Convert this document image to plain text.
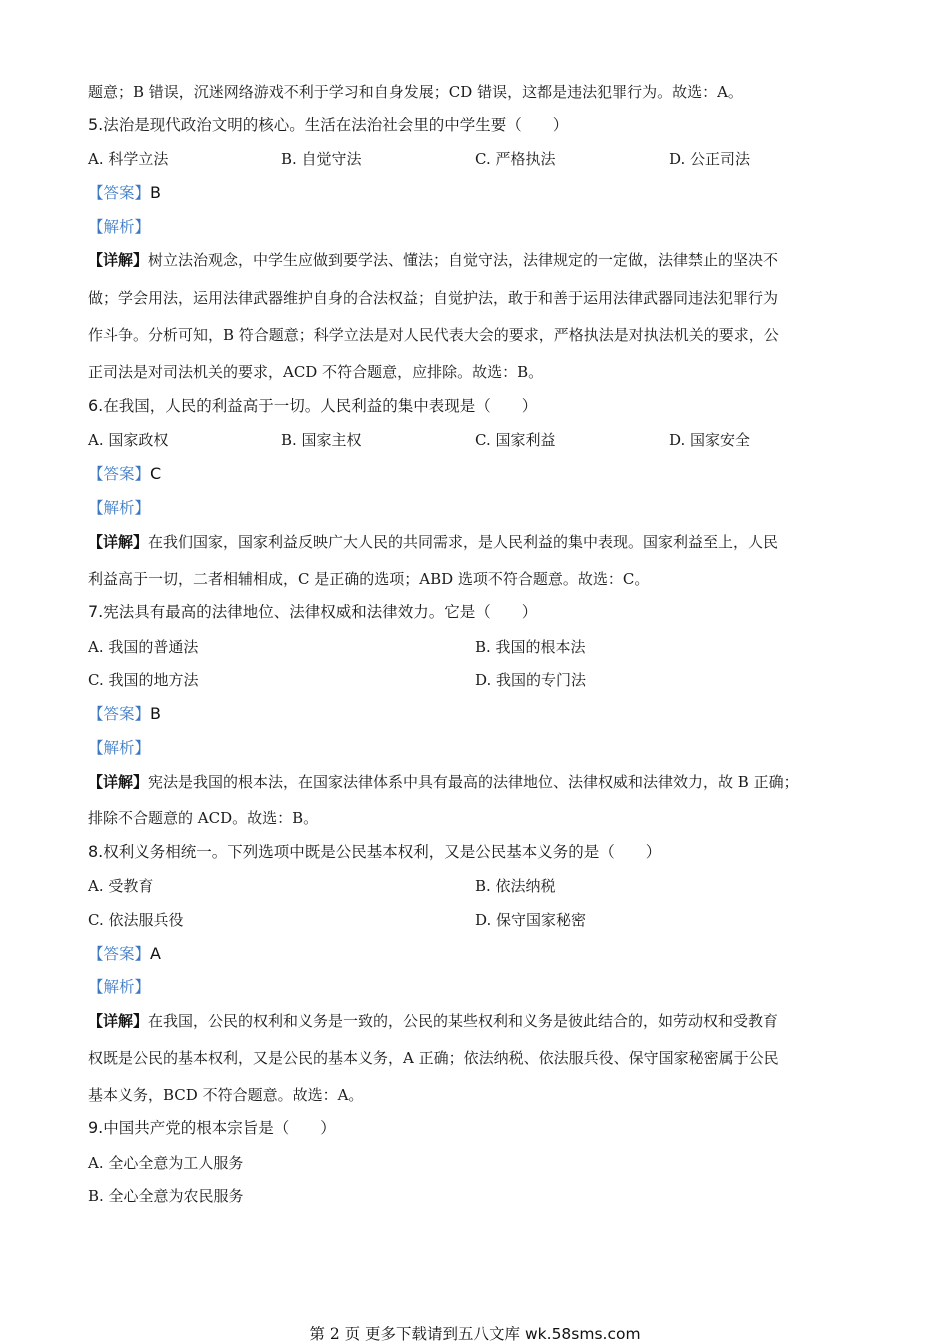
题意；B 错误，沉迷网络游戏不利于学习和自身发展；CD 错误，这都是违法犯罪行为。故选：A。
5.法治是现代政治文明的核心。生活在法治社会里的中学生要（　　）
A. 科学立法	B. 自觉守法	C. 严格执法	D. 公正司法
【答案】B
【解析】
【详解】树立法治观念，中学生应做到要学法、懂法；自觉守法，法律规定的一定做，法律禁止的坚决不
做；学会用法，运用法律武器维护自身的合法权益；自觉护法，敢于和善于运用法律武器同违法犯罪行为
作斗争。分析可知，B 符合题意；科学立法是对人民代表大会的要求，严格执法是对执法机关的要求，公
正司法是对司法机关的要求，ACD 不符合题意，应排除。故选：B。
6.在我国，人民的利益高于一切。人民利益的集中表现是（　　）
A. 国家政权	B. 国家主权	C. 国家利益	D. 国家安全
【答案】C
【解析】
【详解】在我们国家，国家利益反映广大人民的共同需求，是人民利益的集中表现。国家利益至上，人民
利益高于一切，二者相辅相成，C 是正确的选项；ABD 选项不符合题意。故选：C。
7.宪法具有最高的法律地位、法律权威和法律效力。它是（　　）
A. 我国的普通法	B. 我国的根本法
C. 我国的地方法	D. 我国的专门法
【答案】B
【解析】
【详解】宪法是我国的根本法，在国家法律体系中具有最高的法律地位、法律权威和法律效力，故 B 正确；
排除不合题意的 ACD。故选：B。
8.权利义务相统一。下列选项中既是公民基本权利，又是公民基本义务的是（　　）
A. 受教育	B. 依法纳税
C. 依法服兵役	D. 保守国家秘密
【答案】A
【解析】
【详解】在我国，公民的权利和义务是一致的，公民的某些权利和义务是彼此结合的，如劳动权和受教育
权既是公民的基本权利，又是公民的基本义务，A 正确；依法纳税、依法服兵役、保守国家秘密属于公民
基本义务，BCD 不符合题意。故选：A。
9.中国共产党的根本宗旨是（　　）
A. 全心全意为工人服务
B. 全心全意为农民服务
第 2 页 更多下载请到五八文库 wk.58sms.com
